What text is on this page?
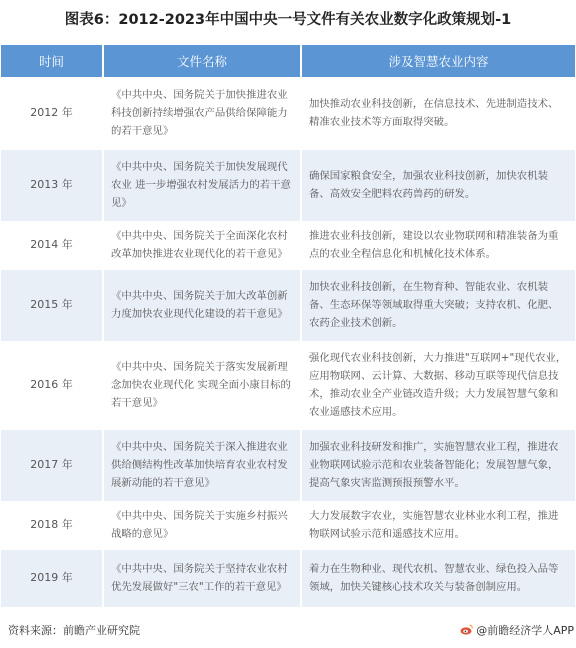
图表6：2012-2023年中国中央一号文件有关农业数字化政策规划-1
时间	文件名称	涉及智慧农业内容
2012 年	《中共中央、国务院关于加快推进农业科技创新持续增强农产品供给保障能力的若干意见》	加快推动农业科技创新，在信息技术、先进制造技术、精准农业技术等方面取得突破。
2013 年	《中共中央、国务院关于加快发展现代农业 进一步增强农村发展活力的若干意见》	确保国家粮食安全，加强农业科技创新，加快农机装备、高效安全肥料农药兽药的研发。
2014 年	《中共中央、国务院关于全面深化农村改革加快推进农业现代化的若干意见》	推进农业科技创新，建设以农业物联网和精准装备为重点的农业全程信息化和机械化技术体系。
2015 年	《中共中央、国务院关于加大改革创新力度加快农业现代化建设的若干意见》	加快农业科技创新，在生物育种、智能农业、农机装备、生态环保等领域取得重大突破；支持农机、化肥、农药企业技术创新。
2016 年	《中共中央、国务院关于落实发展新理念加快农业现代化 实现全面小康目标的若干意见》	强化现代农业科技创新，大力推进"互联网+"现代农业，应用物联网、云计算、大数据、移动互联等现代信息技术，推动农业全产业链改造升级；大力发展智慧气象和农业遥感技术应用。
2017 年	《中共中央、国务院关于深入推进农业供给侧结构性改革加快培育农业农村发展新动能的若干意见》	加强农业科技研发和推广，实施智慧农业工程，推进农业物联网试验示范和农业装备智能化；发展智慧气象，提高气象灾害监测预报预警水平。
2018 年	《中共中央、国务院关于实施乡村振兴战略的意见》	大力发展数字农业，实施智慧农业林业水利工程，推进物联网试验示范和遥感技术应用。
2019 年	《中共中央、国务院关于坚持农业农村优先发展做好"三农"工作的若干意见》	着力在生物种业、现代农机、智慧农业、绿色投入品等领域，加快关键核心技术攻关与装备创制应用。
资料来源：前瞻产业研究院	@前瞻经济学人APP
